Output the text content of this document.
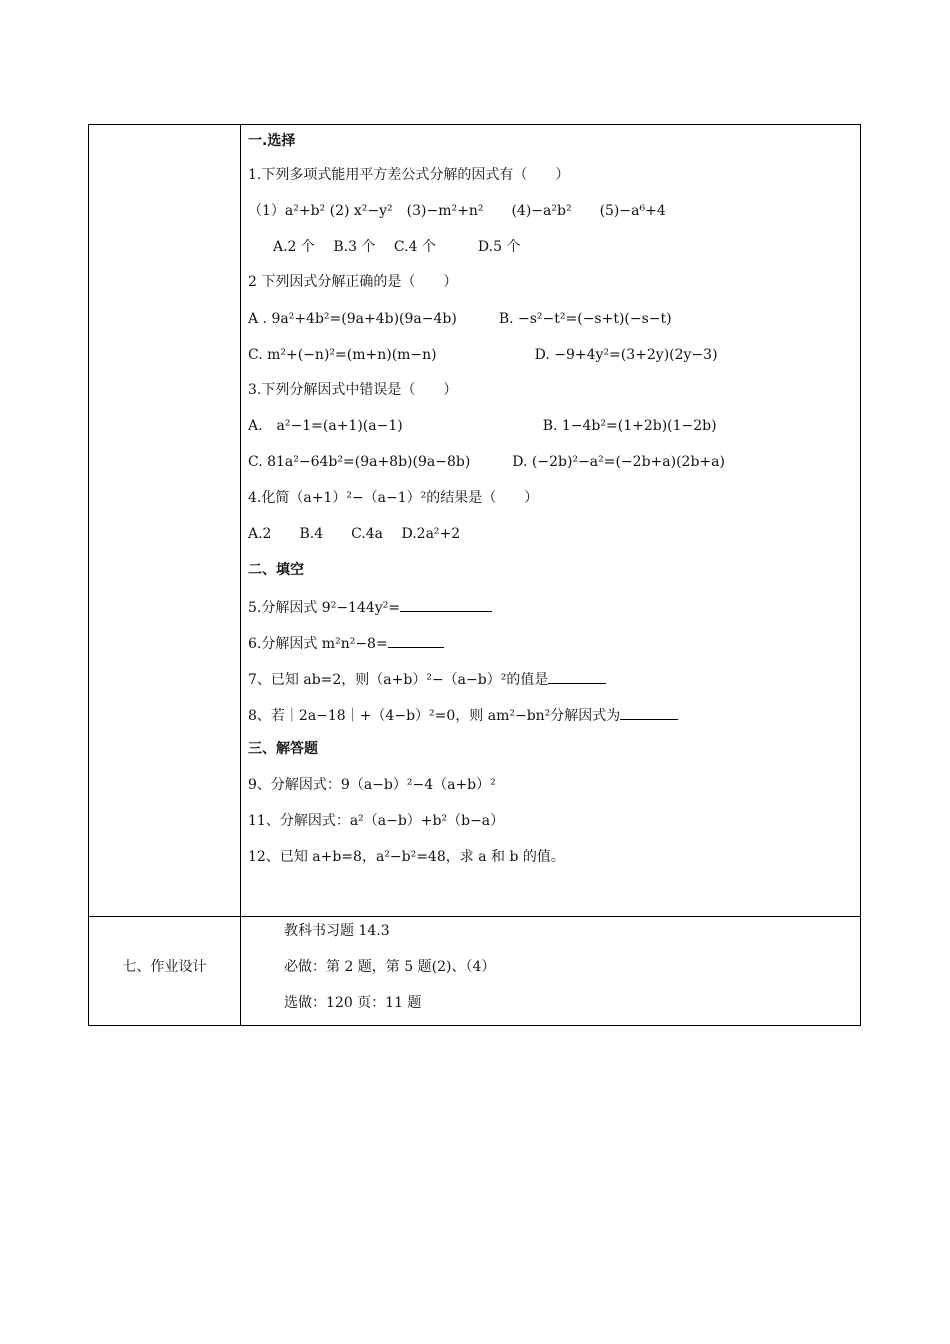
一.选择
1.下列多项式能用平方差公式分解的因式有（　　）
（1）a²+b² (2) x²−y²　(3)−m²+n²　　(4)−a²b²　　(5)−a⁶+4
A.2 个　 B.3 个　 C.4 个　　　D.5 个
2 下列因式分解正确的是（　　）
A . 9a²+4b²=(9a+4b)(9a−4b)　　　B. −s²−t²=(−s+t)(−s−t)
C. m²+(−n)²=(m+n)(m−n)　　　　　　　D. −9+4y²=(3+2y)(2y−3)
3.下列分解因式中错误是（　　）
A.　a²−1=(a+1)(a−1)　　　　　　　　　　B. 1−4b²=(1+2b)(1−2b)
C. 81a²−64b²=(9a+8b)(9a−8b)　　　D. (−2b)²−a²=(−2b+a)(2b+a)
4.化简（a+1）²−（a−1）²的结果是（　　）
A.2　　B.4　　C.4a　 D.2a²+2
二、填空
5.分解因式 9²−144y²=
6.分解因式 m²n²−8=
7、已知 ab=2，则（a+b）²−（a−b）²的值是
8、若｜2a−18｜+（4−b）²=0，则 am²−bn²分解因式为
三、解答题
9、分解因式：9（a−b）²−4（a+b）²
11、分解因式：a²（a−b）+b²（b−a）
12、已知 a+b=8，a²−b²=48，求 a 和 b 的值。
七、作业设计
教科书习题 14.3
必做：第 2 题，第 5 题(2)、（4）
选做：120 页：11 题
